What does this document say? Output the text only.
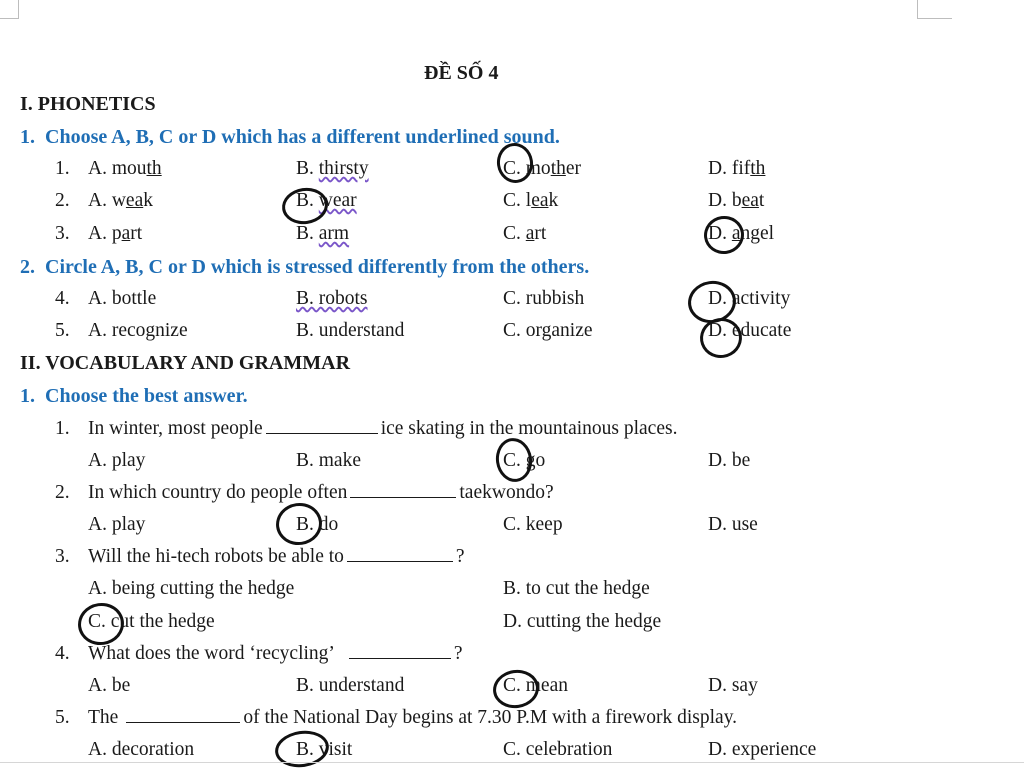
ĐỀ SỐ 4
I. PHONETICS
1. Choose A, B, C or D which has a different underlined sound.
1. A. mouth	B. thirsty	C. mother	D. fifth
2. A. weak	B. wear	C. leak	D. beat
3. A. part	B. arm	C. art	D. angel
2. Circle A, B, C or D which is stressed differently from the others.
4. A. bottle	B. robots	C. rubbish	D. activity
5. A. recognize	B. understand	C. organize	D. educate
II. VOCABULARY AND GRAMMAR
1. Choose the best answer.
1. In winter, most people	ice skating in the mountainous places.
A. play	B. make	C. go	D. be
2. In which country do people often	taekwondo?
A. play	B. do	C. keep	D. use
3. Will the hi-tech robots be able to	?
A. being cutting the hedge	B. to cut the hedge
C. cut the hedge	D. cutting the hedge
4. What does the word ‘recycling’	?
A. be	B. understand	C. mean	D. say
5. The	of the National Day begins at 7.30 P.M with a firework display.
A. decoration	B. visit	C. celebration	D. experience
